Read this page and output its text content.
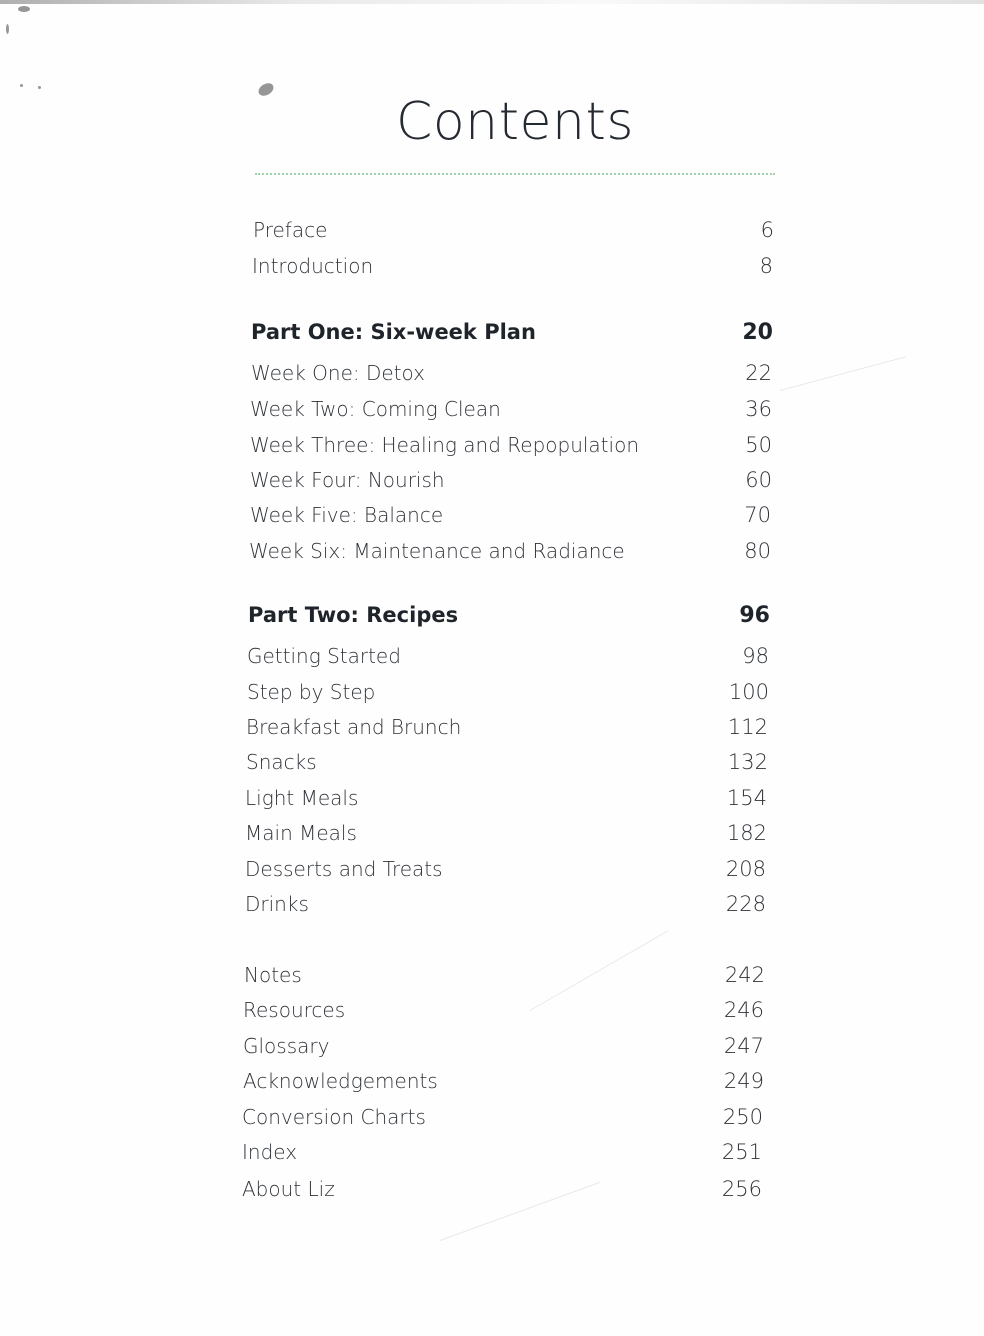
Contents
Preface	6
Introduction	8
Part One: Six-week Plan	20
Week One: Detox	22
Week Two: Coming Clean	36
Week Three: Healing and Repopulation	50
Week Four: Nourish	60
Week Five: Balance	70
Week Six: Maintenance and Radiance	80
Part Two: Recipes	96
Getting Started	98
Step by Step	100
Breakfast and Brunch	112
Snacks	132
Light Meals	154
Main Meals	182
Desserts and Treats	208
Drinks	228
Notes	242
Resources	246
Glossary	247
Acknowledgements	249
Conversion Charts	250
Index	251
About Liz	256
